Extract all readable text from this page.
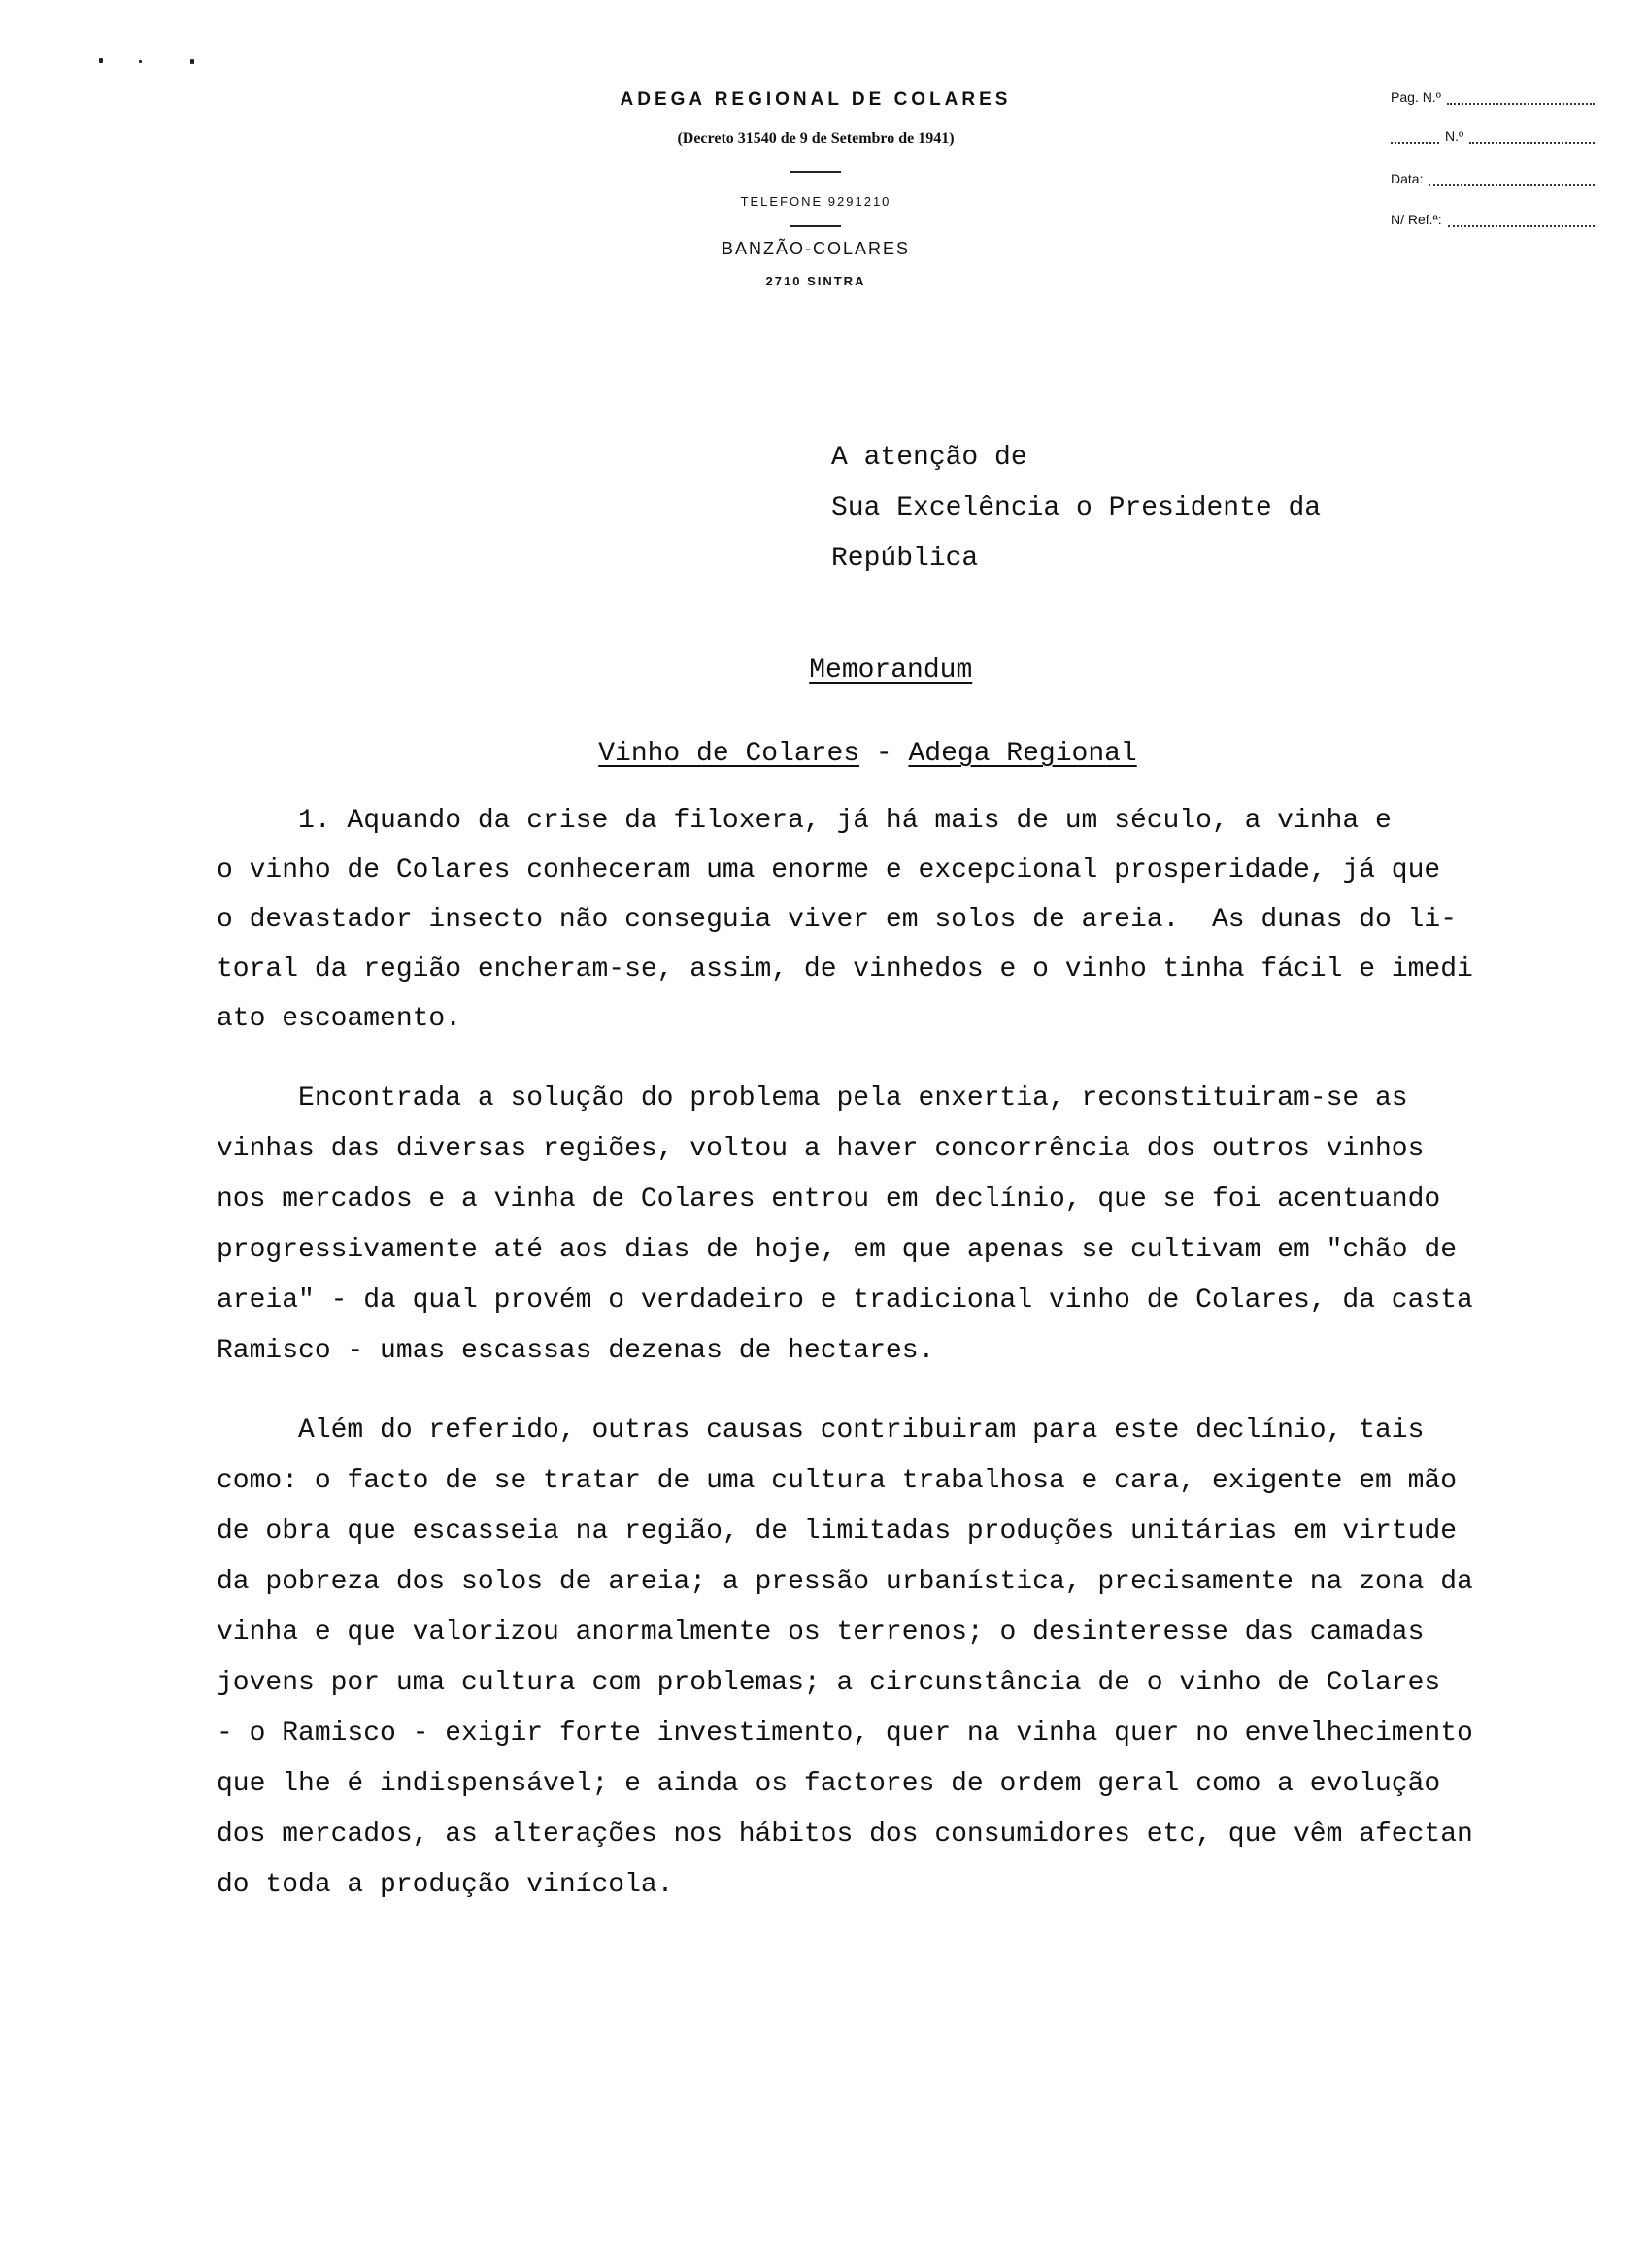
ADEGA REGIONAL DE COLARES
(Decreto 31540 de 9 de Setembro de 1941)
TELEFONE 9291210
BANZÃO-COLARES
2710 SINTRA
Pag. N.º
N.º
Data:
N/ Ref.ª:
A atenção de
Sua Excelência o Presidente da
República

Memorandum

Vinho de Colares - Adega Regional

1. Aquando da crise da filoxera, já há mais de um século, a vinha e
o vinho de Colares conheceram uma enorme e excepcional prosperidade, já que
o devastador insecto não conseguia viver em solos de areia.  As dunas do li-
toral da região encheram-se, assim, de vinhedos e o vinho tinha fácil e imedi
ato escoamento.
Encontrada a solução do problema pela enxertia, reconstituiram-se as
vinhas das diversas regiões, voltou a haver concorrência dos outros vinhos
nos mercados e a vinha de Colares entrou em declínio, que se foi acentuando
progressivamente até aos dias de hoje, em que apenas se cultivam em "chão de
areia" - da qual provém o verdadeiro e tradicional vinho de Colares, da casta
Ramisco - umas escassas dezenas de hectares.
Além do referido, outras causas contribuiram para este declínio, tais
como: o facto de se tratar de uma cultura trabalhosa e cara, exigente em mão
de obra que escasseia na região, de limitadas produções unitárias em virtude
da pobreza dos solos de areia; a pressão urbanística, precisamente na zona da
vinha e que valorizou anormalmente os terrenos; o desinteresse das camadas
jovens por uma cultura com problemas; a circunstância de o vinho de Colares
- o Ramisco - exigir forte investimento, quer na vinha quer no envelhecimento
que lhe é indispensável; e ainda os factores de ordem geral como a evolução
dos mercados, as alterações nos hábitos dos consumidores etc, que vêm afectan
do toda a produção vinícola.
